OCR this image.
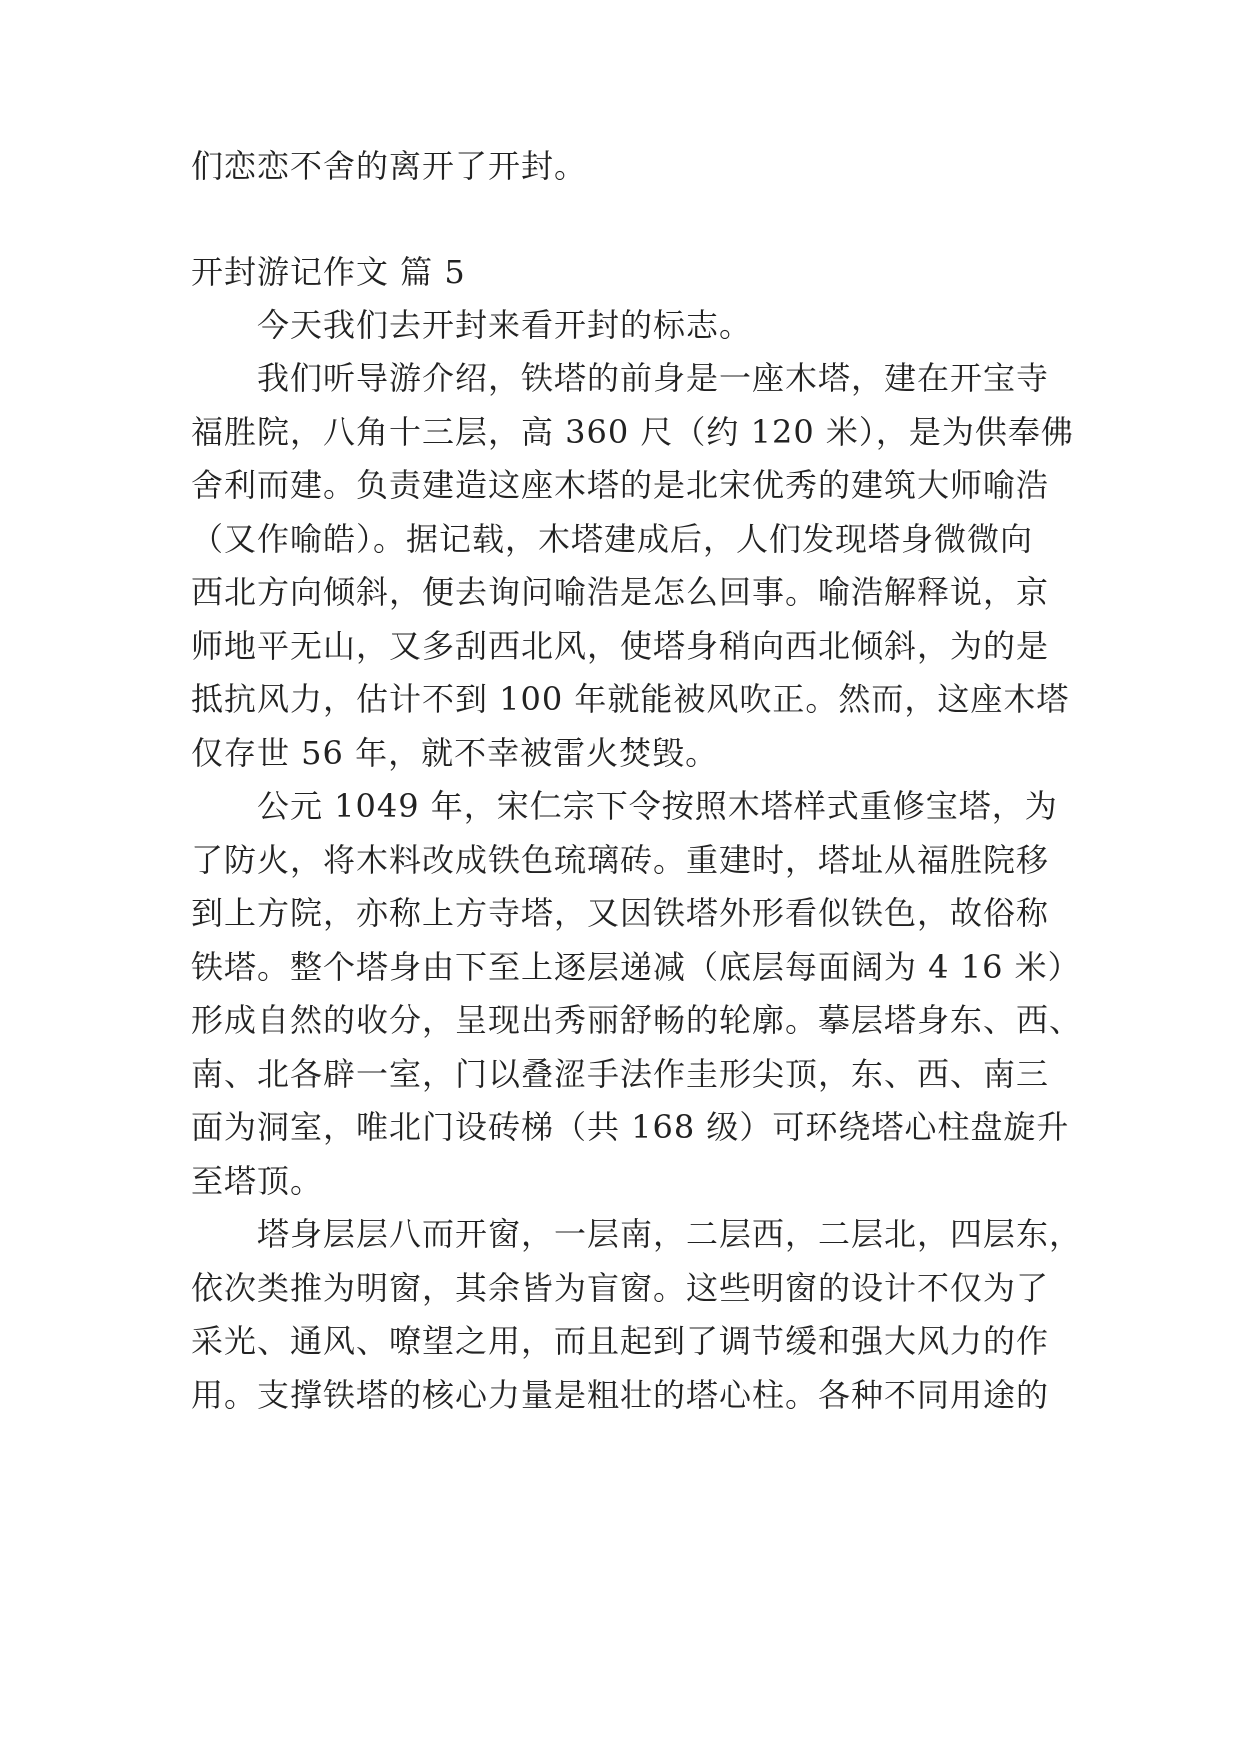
们恋恋不舍的离开了开封。
开封游记作文 篇 5
今天我们去开封来看开封的标志。
我们听导游介绍，铁塔的前身是一座木塔，建在开宝寺
福胜院，八角十三层，高 360 尺（约 120 米），是为供奉佛
舍利而建。负责建造这座木塔的是北宋优秀的建筑大师喻浩
（又作喻皓）。据记载，木塔建成后，人们发现塔身微微向
西北方向倾斜，便去询问喻浩是怎么回事。喻浩解释说，京
师地平无山，又多刮西北风，使塔身稍向西北倾斜，为的是
抵抗风力，估计不到 100 年就能被风吹正。然而，这座木塔
仅存世 56 年，就不幸被雷火焚毁。
公元 1049 年，宋仁宗下令按照木塔样式重修宝塔，为
了防火，将木料改成铁色琉璃砖。重建时，塔址从福胜院移
到上方院，亦称上方寺塔，又因铁塔外形看似铁色，故俗称
铁塔。整个塔身由下至上逐层递减（底层每面阔为 4 16 米）
形成自然的收分，呈现出秀丽舒畅的轮廓。摹层塔身东、西、
南、北各辟一室，门以叠涩手法作圭形尖顶，东、西、南三
面为洞室，唯北门设砖梯（共 168 级）可环绕塔心柱盘旋升
至塔顶。
塔身层层八而开窗，一层南，二层西，二层北，四层东，
依次类推为明窗，其余皆为盲窗。这些明窗的设计不仅为了
采光、通风、嘹望之用，而且起到了调节缓和强大风力的作
用。支撑铁塔的核心力量是粗壮的塔心柱。各种不同用途的
